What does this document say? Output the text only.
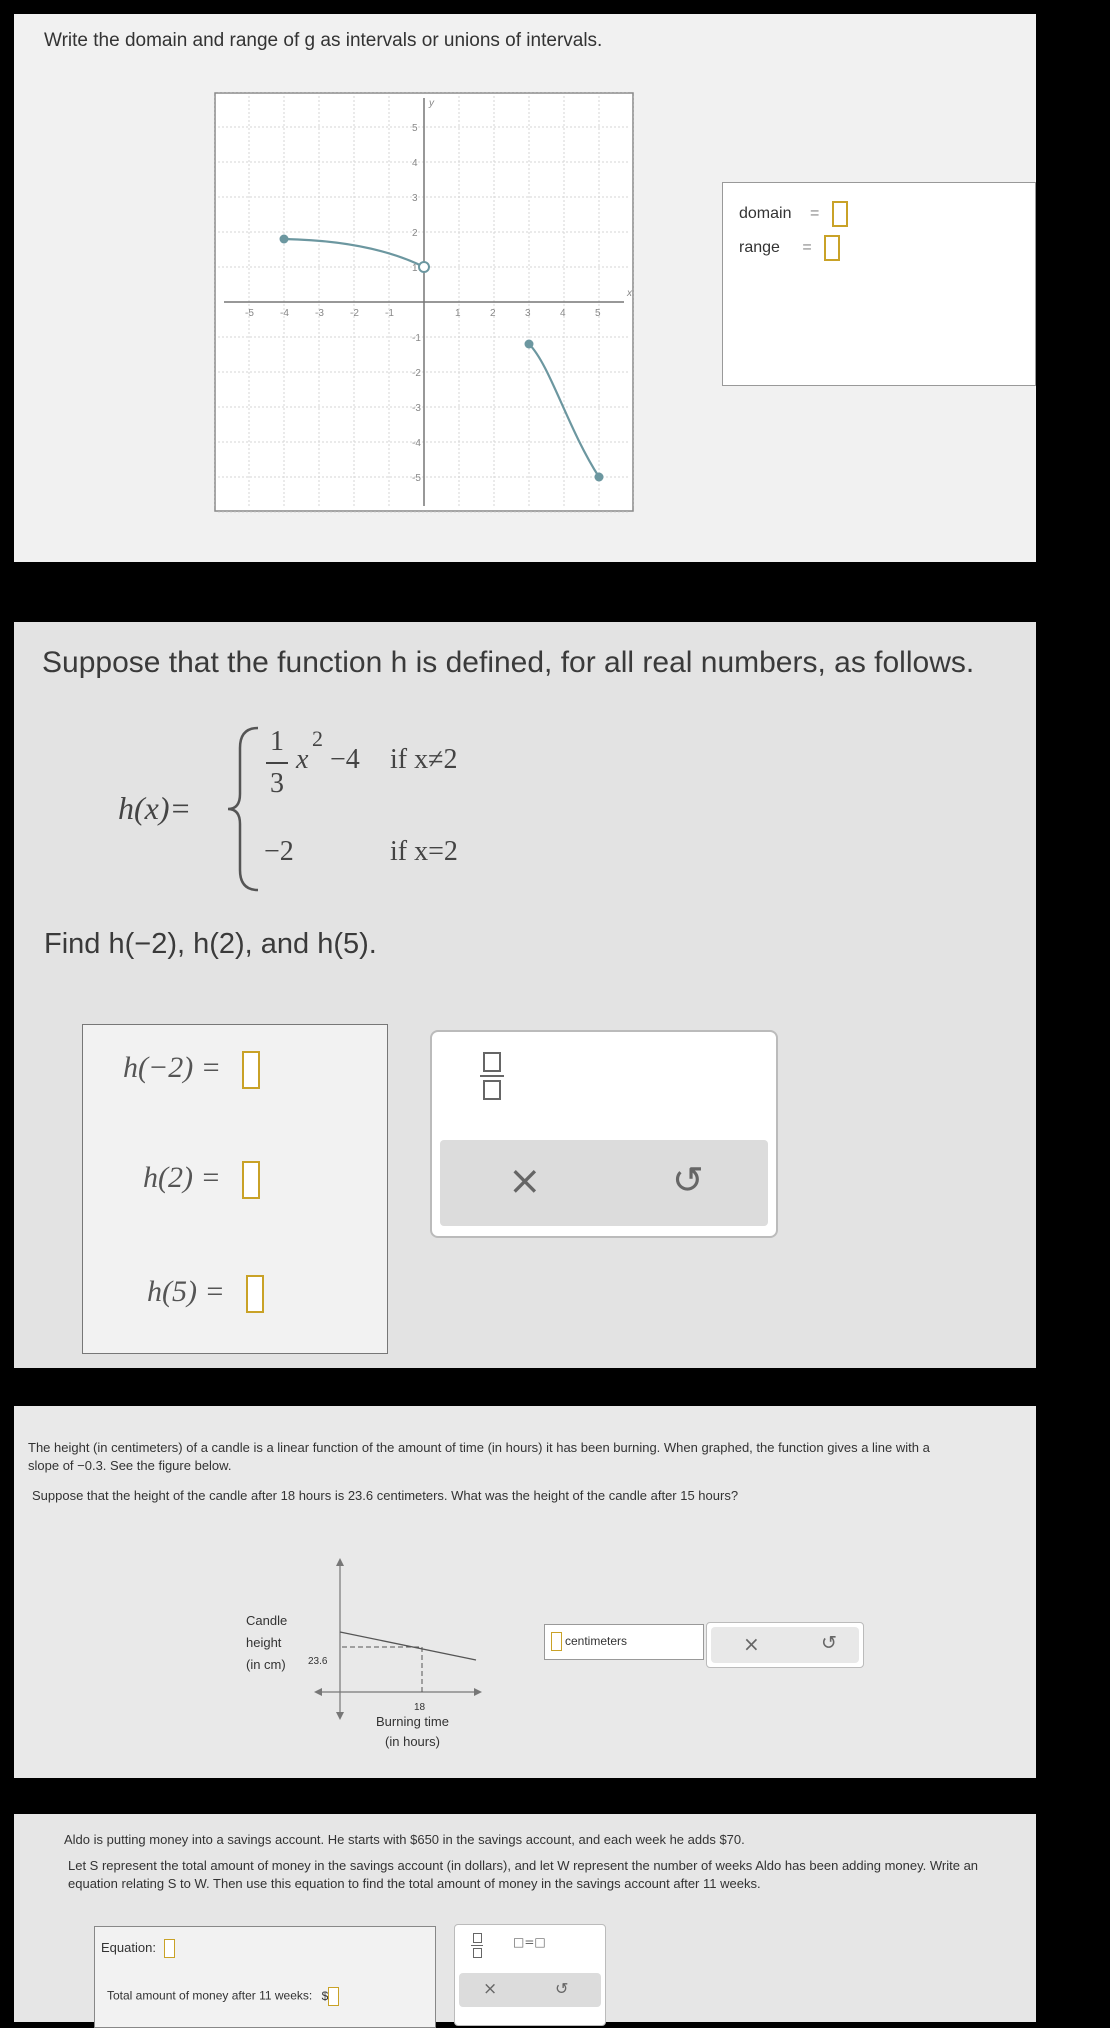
Write the domain and range of g as intervals or unions of intervals.
-5	-4	-3	-2	-1	1	2	3	4	5
5
4
3
2
1
-1
-2
-3
-4
-5
x
y
domain =
range =
Suppose that the function h is defined, for all real numbers, as follows.
h(x)=
1
3
x
2
−4 if x≠2
−2	if x=2
Find h(−2), h(2), and h(5).
h(−2) =
h(2) =
h(5) =
×	↺
The height (in centimeters) of a candle is a linear function of the amount of time (in hours) it has been burning. When graphed, the function gives a line with a
slope of −0.3. See the figure below.
Suppose that the height of the candle after 18 hours is 23.6 centimeters. What was the height of the candle after 15 hours?
Candle
height
(in cm) 23.6
18
Burning time
(in hours)
centimeters	×	↺
Aldo is putting money into a savings account. He starts with $650 in the savings account, and each week he adds $70.
Let S represent the total amount of money in the savings account (in dollars), and let W represent the number of weeks Aldo has been adding money. Write an
equation relating S to W. Then use this equation to find the total amount of money in the savings account after 11 weeks.
Equation:
Total amount of money after 11 weeks: $
□=□
×	↺
